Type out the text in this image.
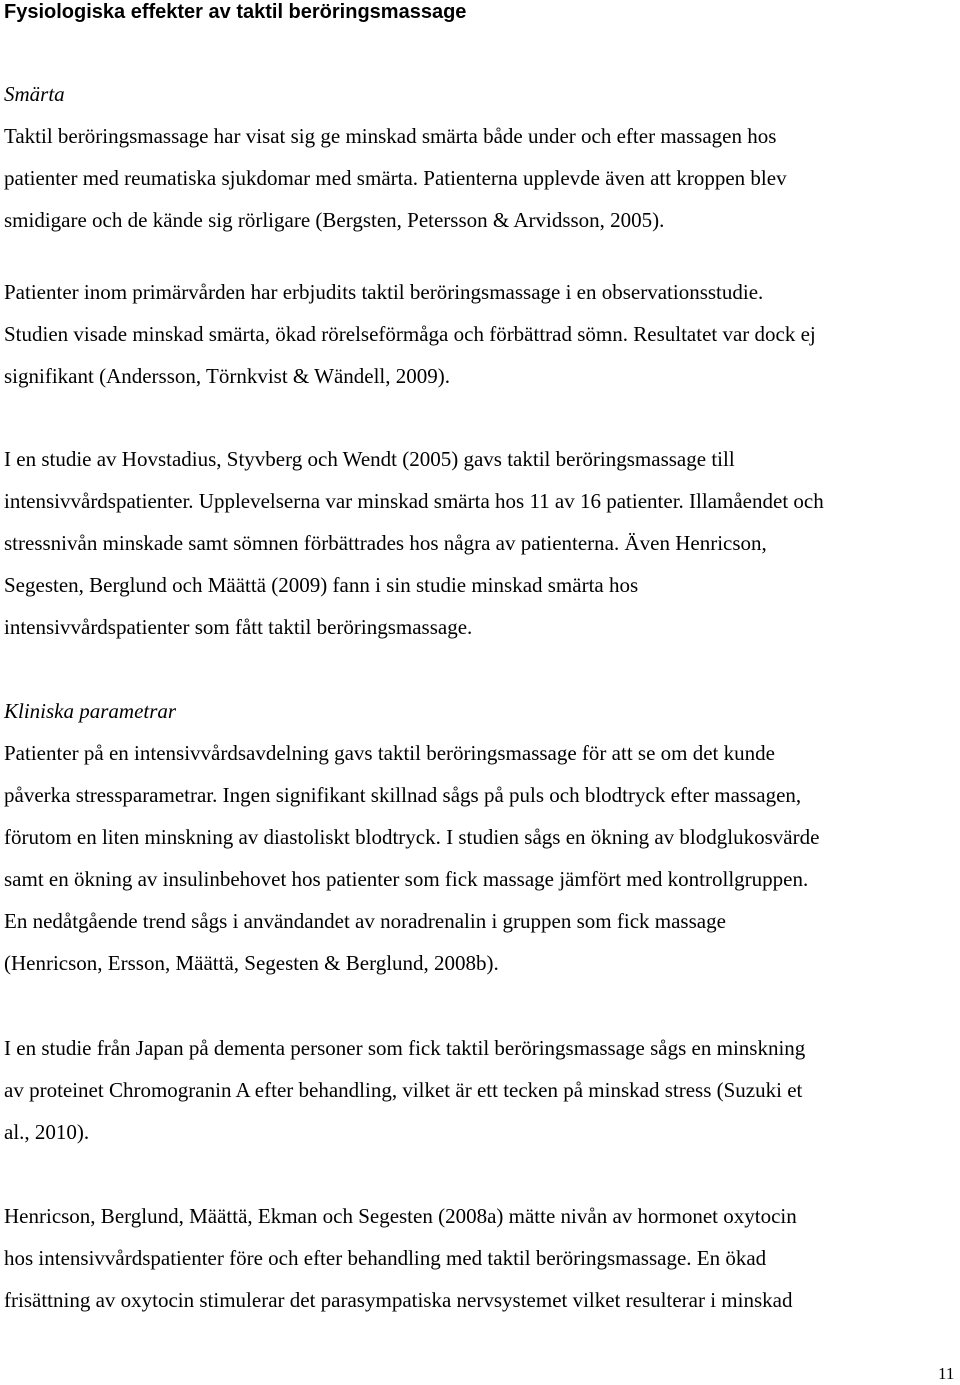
Fysiologiska effekter av taktil beröringsmassage
Smärta
Taktil beröringsmassage har visat sig ge minskad smärta både under och efter massagen hos
patienter med reumatiska sjukdomar med smärta. Patienterna upplevde även att kroppen blev
smidigare och de kände sig rörligare (Bergsten, Petersson & Arvidsson, 2005).
Patienter inom primärvården har erbjudits taktil beröringsmassage i en observationsstudie.
Studien visade minskad smärta, ökad rörelseförmåga och förbättrad sömn. Resultatet var dock ej
signifikant (Andersson, Törnkvist & Wändell, 2009).
I en studie av Hovstadius, Styvberg och Wendt (2005) gavs taktil beröringsmassage till
intensivvårdspatienter. Upplevelserna var minskad smärta hos 11 av 16 patienter. Illamåendet och
stressnivån minskade samt sömnen förbättrades hos några av patienterna. Även Henricson,
Segesten, Berglund och Määttä (2009) fann i sin studie minskad smärta hos
intensivvårdspatienter som fått taktil beröringsmassage.
Kliniska parametrar
Patienter på en intensivvårdsavdelning gavs taktil beröringsmassage för att se om det kunde
påverka stressparametrar. Ingen signifikant skillnad sågs på puls och blodtryck efter massagen,
förutom en liten minskning av diastoliskt blodtryck. I studien sågs en ökning av blodglukosvärde
samt en ökning av insulinbehovet hos patienter som fick massage jämfört med kontrollgruppen.
En nedåtgående trend sågs i användandet av noradrenalin i gruppen som fick massage
(Henricson, Ersson, Määttä, Segesten & Berglund, 2008b).
I en studie från Japan på dementa personer som fick taktil beröringsmassage sågs en minskning
av proteinet Chromogranin A efter behandling, vilket är ett tecken på minskad stress (Suzuki et
al., 2010).
Henricson, Berglund, Määttä, Ekman och Segesten (2008a) mätte nivån av hormonet oxytocin
hos intensivvårdspatienter före och efter behandling med taktil beröringsmassage. En ökad
frisättning av oxytocin stimulerar det parasympatiska nervsystemet vilket resulterar i minskad
11
